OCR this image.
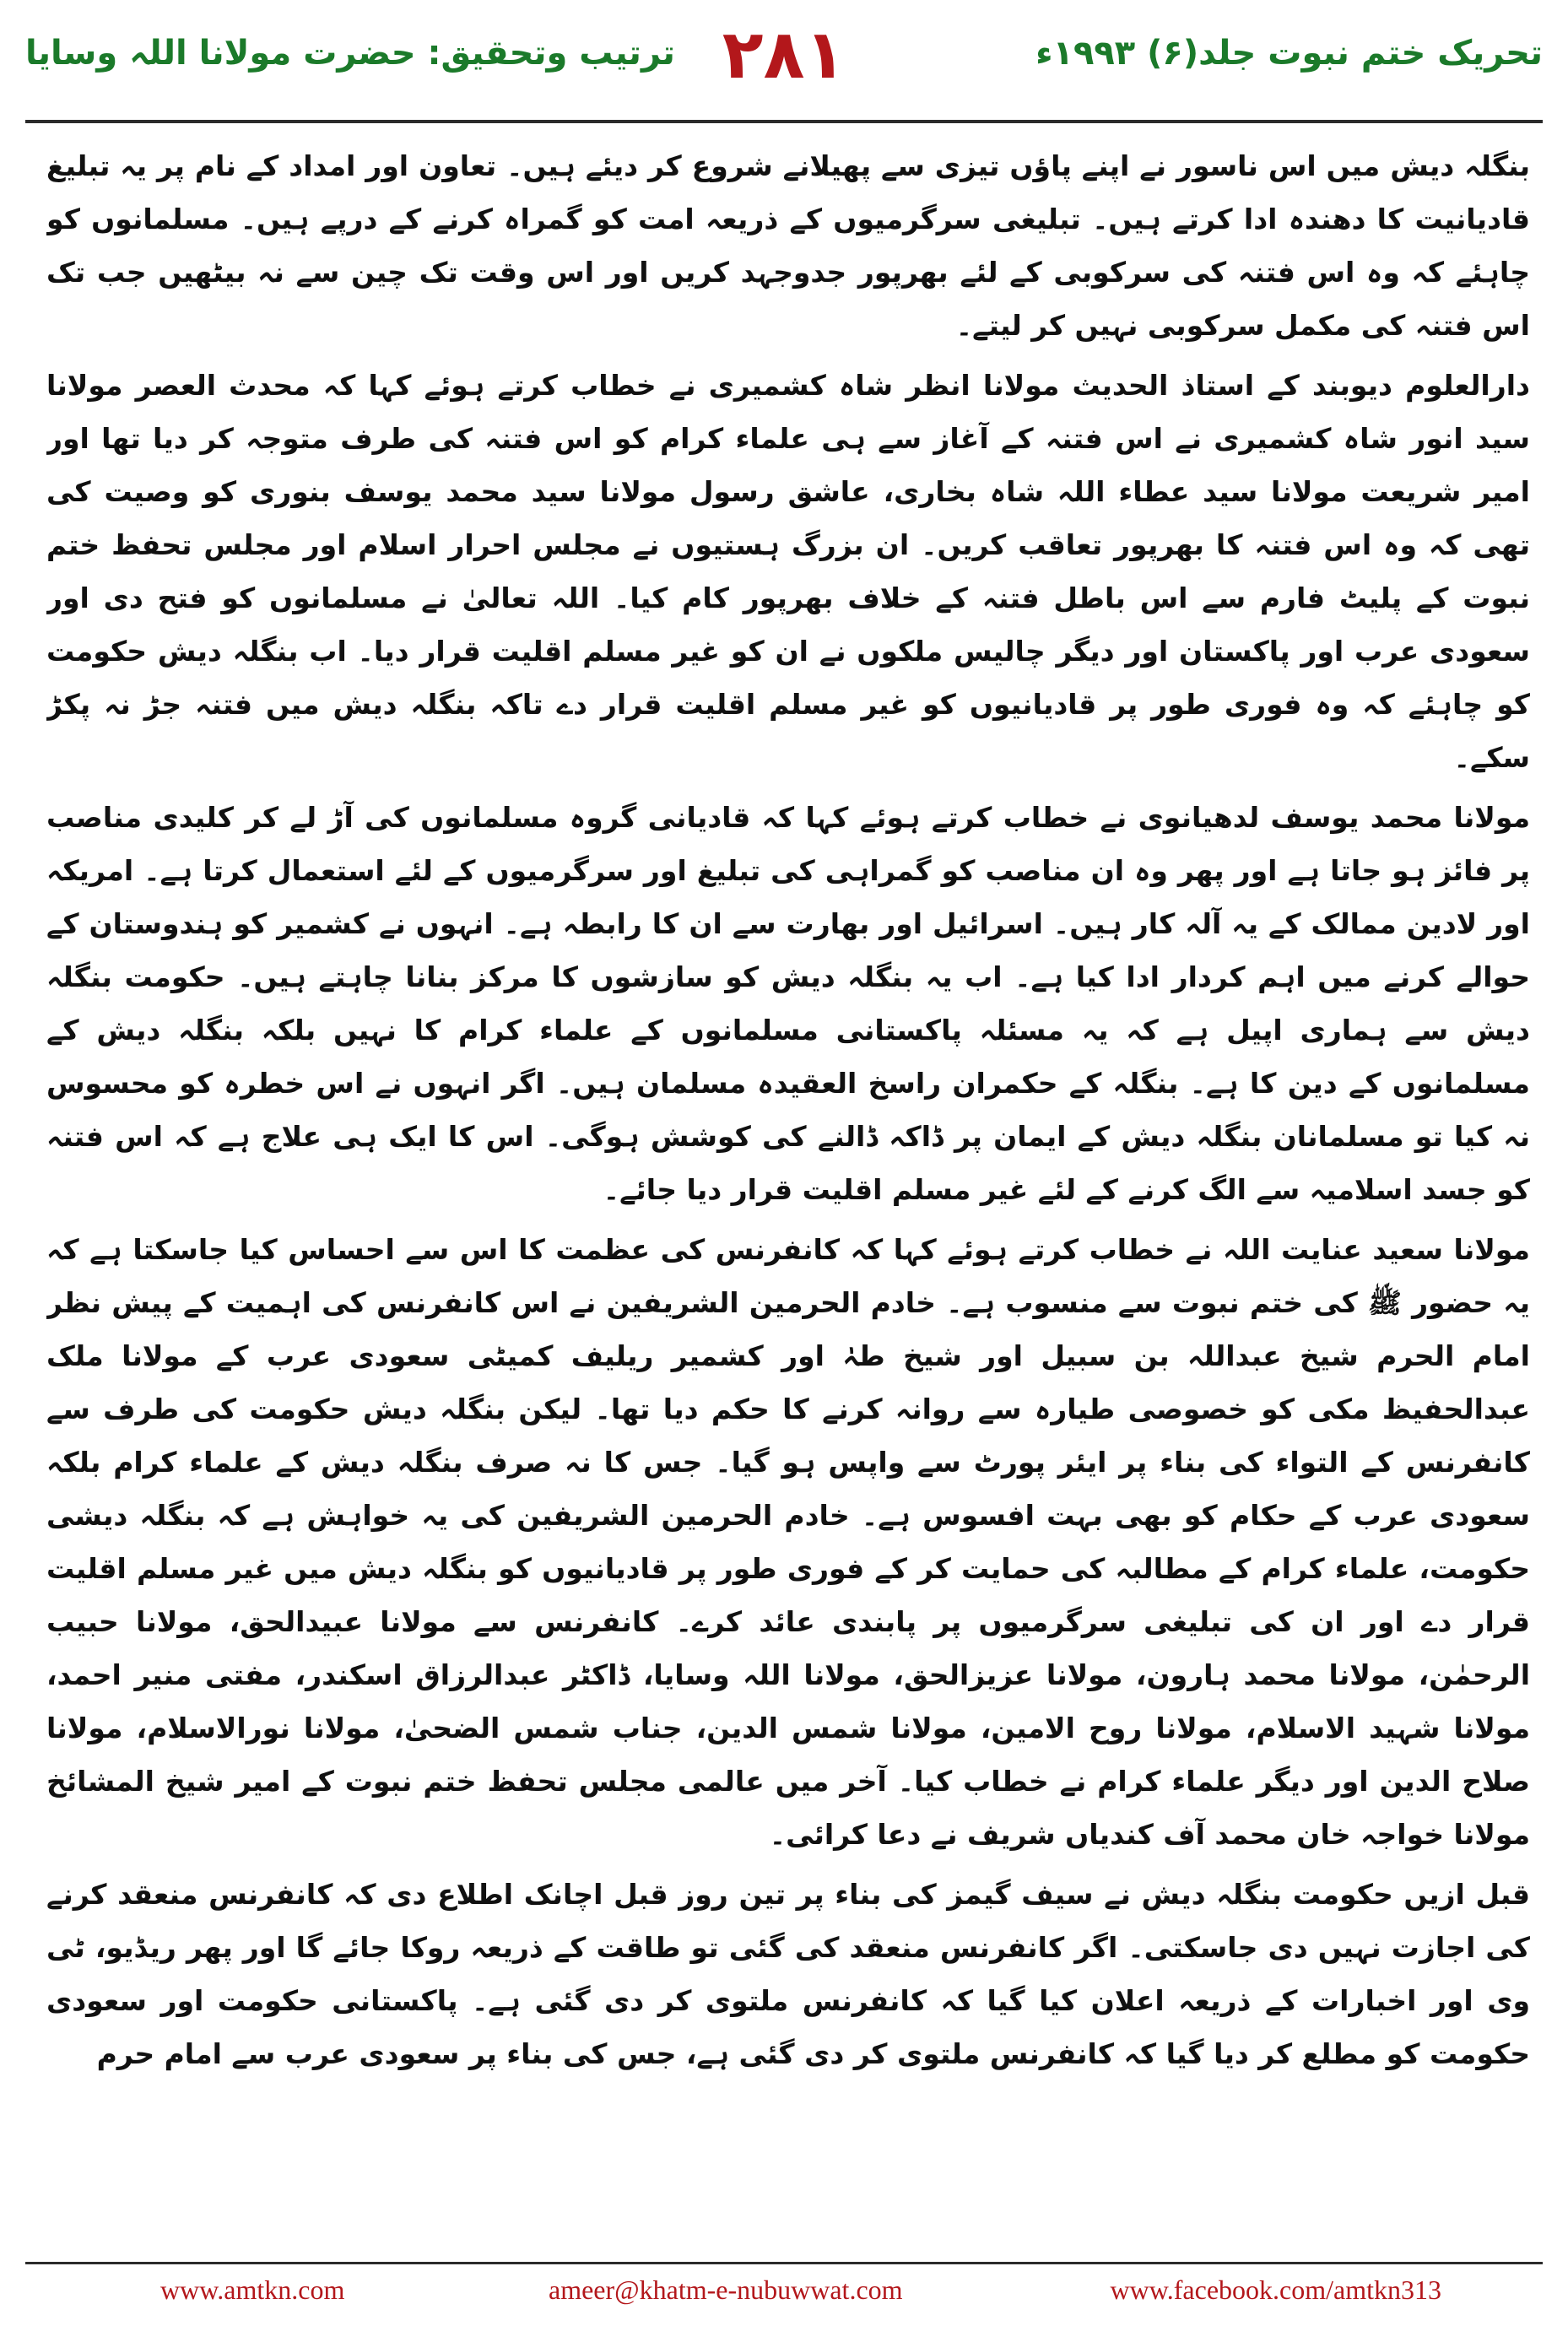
تحریک ختم نبوت جلد(۶) ۱۹۹۳ء
۲۸۱
ترتیب وتحقیق: حضرت مولانا اللہ وسایا

بنگلہ دیش میں اس ناسور نے اپنے پاؤں تیزی سے پھیلانے شروع کر دیئے ہیں۔ تعاون اور امداد کے نام پر یہ تبلیغ قادیانیت کا دھندہ ادا کرتے ہیں۔ تبلیغی سرگرمیوں کے ذریعہ امت کو گمراہ کرنے کے درپے ہیں۔ مسلمانوں کو چاہئے کہ وہ اس فتنہ کی سرکوبی کے لئے بھرپور جدوجہد کریں اور اس وقت تک چین سے نہ بیٹھیں جب تک اس فتنہ کی مکمل سرکوبی نہیں کر لیتے۔

دارالعلوم دیوبند کے استاذ الحدیث مولانا انظر شاہ کشمیری نے خطاب کرتے ہوئے کہا کہ محدث العصر مولانا سید انور شاہ کشمیری نے اس فتنہ کے آغاز سے ہی علماء کرام کو اس فتنہ کی طرف متوجہ کر دیا تھا اور امیر شریعت مولانا سید عطاء اللہ شاہ بخاری، عاشق رسول مولانا سید محمد یوسف بنوری کو وصیت کی تھی کہ وہ اس فتنہ کا بھرپور تعاقب کریں۔ ان بزرگ ہستیوں نے مجلس احرار اسلام اور مجلس تحفظ ختم نبوت کے پلیٹ فارم سے اس باطل فتنہ کے خلاف بھرپور کام کیا۔ اللہ تعالیٰ نے مسلمانوں کو فتح دی اور سعودی عرب اور پاکستان اور دیگر چالیس ملکوں نے ان کو غیر مسلم اقلیت قرار دیا۔ اب بنگلہ دیش حکومت کو چاہئے کہ وہ فوری طور پر قادیانیوں کو غیر مسلم اقلیت قرار دے تاکہ بنگلہ دیش میں فتنہ جڑ نہ پکڑ سکے۔

مولانا محمد یوسف لدھیانوی نے خطاب کرتے ہوئے کہا کہ قادیانی گروہ مسلمانوں کی آڑ لے کر کلیدی مناصب پر فائز ہو جاتا ہے اور پھر وہ ان مناصب کو گمراہی کی تبلیغ اور سرگرمیوں کے لئے استعمال کرتا ہے۔ امریکہ اور لادین ممالک کے یہ آلہ کار ہیں۔ اسرائیل اور بھارت سے ان کا رابطہ ہے۔ انہوں نے کشمیر کو ہندوستان کے حوالے کرنے میں اہم کردار ادا کیا ہے۔ اب یہ بنگلہ دیش کو سازشوں کا مرکز بنانا چاہتے ہیں۔ حکومت بنگلہ دیش سے ہماری اپیل ہے کہ یہ مسئلہ پاکستانی مسلمانوں کے علماء کرام کا نہیں بلکہ بنگلہ دیش کے مسلمانوں کے دین کا ہے۔ بنگلہ کے حکمران راسخ العقیدہ مسلمان ہیں۔ اگر انہوں نے اس خطرہ کو محسوس نہ کیا تو مسلمانان بنگلہ دیش کے ایمان پر ڈاکہ ڈالنے کی کوشش ہوگی۔ اس کا ایک ہی علاج ہے کہ اس فتنہ کو جسد اسلامیہ سے الگ کرنے کے لئے غیر مسلم اقلیت قرار دیا جائے۔

مولانا سعید عنایت اللہ نے خطاب کرتے ہوئے کہا کہ کانفرنس کی عظمت کا اس سے احساس کیا جاسکتا ہے کہ یہ حضور ﷺ کی ختم نبوت سے منسوب ہے۔ خادم الحرمین الشریفین نے اس کانفرنس کی اہمیت کے پیش نظر امام الحرم شیخ عبداللہ بن سبیل اور شیخ طہٰ اور کشمیر ریلیف کمیٹی سعودی عرب کے مولانا ملک عبدالحفیظ مکی کو خصوصی طیارہ سے روانہ کرنے کا حکم دیا تھا۔ لیکن بنگلہ دیش حکومت کی طرف سے کانفرنس کے التواء کی بناء پر ایئر پورٹ سے واپس ہو گیا۔ جس کا نہ صرف بنگلہ دیش کے علماء کرام بلکہ سعودی عرب کے حکام کو بھی بہت افسوس ہے۔ خادم الحرمین الشریفین کی یہ خواہش ہے کہ بنگلہ دیشی حکومت، علماء کرام کے مطالبہ کی حمایت کر کے فوری طور پر قادیانیوں کو بنگلہ دیش میں غیر مسلم اقلیت قرار دے اور ان کی تبلیغی سرگرمیوں پر پابندی عائد کرے۔ کانفرنس سے مولانا عبیدالحق، مولانا حبیب الرحمٰن، مولانا محمد ہارون، مولانا عزیزالحق، مولانا اللہ وسایا، ڈاکٹر عبدالرزاق اسکندر، مفتی منیر احمد، مولانا شہید الاسلام، مولانا روح الامین، مولانا شمس الدین، جناب شمس الضحیٰ، مولانا نورالاسلام، مولانا صلاح الدین اور دیگر علماء کرام نے خطاب کیا۔ آخر میں عالمی مجلس تحفظ ختم نبوت کے امیر شیخ المشائخ مولانا خواجہ خان محمد آف کندیاں شریف نے دعا کرائی۔

قبل ازیں حکومت بنگلہ دیش نے سیف گیمز کی بناء پر تین روز قبل اچانک اطلاع دی کہ کانفرنس منعقد کرنے کی اجازت نہیں دی جاسکتی۔ اگر کانفرنس منعقد کی گئی تو طاقت کے ذریعہ روکا جائے گا اور پھر ریڈیو، ٹی وی اور اخبارات کے ذریعہ اعلان کیا گیا کہ کانفرنس ملتوی کر دی گئی ہے۔ پاکستانی حکومت اور سعودی حکومت کو مطلع کر دیا گیا کہ کانفرنس ملتوی کر دی گئی ہے، جس کی بناء پر سعودی عرب سے امام حرم

www.amtkn.com	ameer@khatm-e-nubuwwat.com	www.facebook.com/amtkn313
